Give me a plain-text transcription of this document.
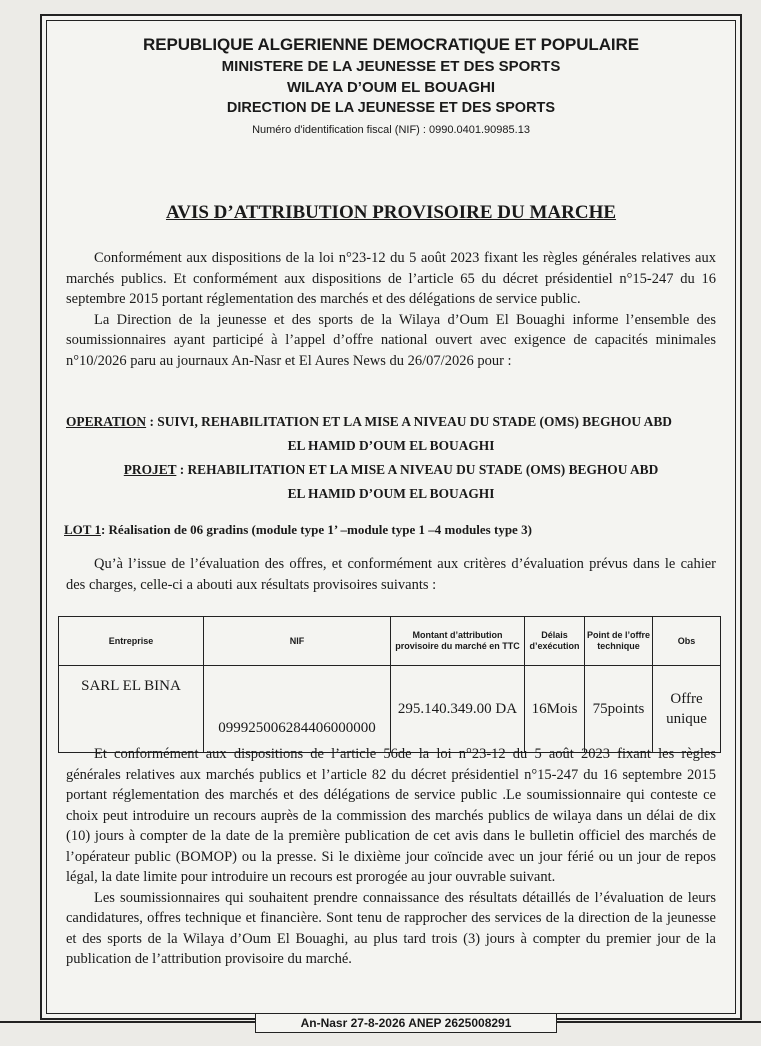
REPUBLIQUE ALGERIENNE DEMOCRATIQUE ET POPULAIRE
MINISTERE DE LA JEUNESSE ET DES SPORTS
WILAYA D’OUM EL BOUAGHI
DIRECTION DE LA JEUNESSE ET DES SPORTS
Numéro d'identification fiscal (NIF) : 0990.0401.90985.13
AVIS D’ATTRIBUTION PROVISOIRE DU MARCHE

Conformément aux dispositions de la loi n°23-12 du 5 août 2023 fixant les règles générales relatives aux marchés publics. Et conformément aux dispositions de l’article 65 du décret présidentiel n°15-247 du 16 septembre 2015 portant réglementation des marchés et des délégations de service public.

La Direction de la jeunesse et des sports de la Wilaya d’Oum El Bouaghi informe l’ensemble des soumissionnaires ayant participé à l’appel d’offre national ouvert avec exigence de capacités minimales n°10/2026 paru au journaux An-Nasr et El Aures News du 26/07/2026 pour :

OPERATION : SUIVI, REHABILITATION ET LA MISE A NIVEAU DU STADE (OMS) BEGHOU ABD
EL HAMID D’OUM EL BOUAGHI
PROJET : REHABILITATION ET LA MISE A NIVEAU DU STADE (OMS) BEGHOU ABD
EL HAMID D’OUM EL BOUAGHI
LOT 1: Réalisation de 06 gradins (module type 1’ –module type 1 –4 modules type 3)

Qu’à l’issue de l’évaluation des offres, et conformément aux critères d’évaluation prévus dans le cahier des charges, celle-ci a abouti aux résultats provisoires suivants :

Entreprise	NIF	Montant d’attribution provisoire du marché en TTC	Délais d’exécution	Point de l’offre technique	Obs
SARL EL BINA	099925006284406000000	295.140.349.00 DA	16Mois	75points	Offre unique

Et conformément aux dispositions de l’article 56de la loi n°23-12 du 5 août 2023 fixant les règles générales relatives aux marchés publics et l’article 82 du décret présidentiel n°15-247 du 16 septembre 2015 portant réglementation des marchés et des délégations de service public .Le soumissionnaire qui conteste ce choix peut introduire un recours auprès de la commission des marchés publics de wilaya dans un délai de dix (10) jours à compter de la date de la première publication de cet avis dans le bulletin officiel des marchés de l’opérateur public (BOMOP) ou la presse. Si le dixième jour coïncide avec un jour férié ou un jour de repos légal, la date limite pour introduire un recours est prorogée au jour ouvrable suivant.

Les soumissionnaires qui souhaitent prendre connaissance des résultats détaillés de l’évaluation de leurs candidatures, offres technique et financière. Sont tenu de rapprocher des services de la direction de la jeunesse et des sports de la Wilaya d’Oum El Bouaghi, au plus tard trois (3) jours à compter du premier jour de la publication de l’attribution provisoire du marché.

An-Nasr 27-8-2026 ANEP 2625008291
